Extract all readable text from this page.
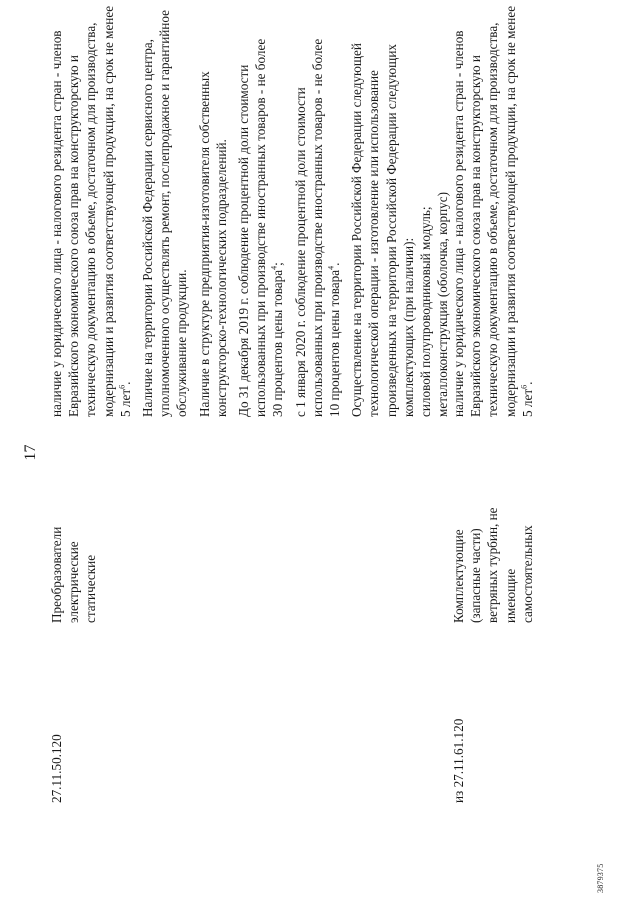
17
27.11.50.120
Преобразователи электрические статические
наличие у юридического лица - налогового резидента стран - членов Евразийского экономического союза прав на конструкторскую и техническую документацию в объеме, достаточном для производства, модернизации и развития соответствующей продукции, на срок не менее 5 лет$^6$. Наличие на территории Российской Федерации сервисного центра, уполномоченного осуществлять ремонт, послепродажное и гарантийное обслуживание продукции. Наличие в структуре предприятия-изготовителя собственных конструкторско-технологических подразделений. До 31 декабря 2019 г. соблюдение процентной доли стоимости использованных при производстве иностранных товаров - не более 30 процентов цены товара$^4$; с 1 января 2020 г. соблюдение процентной доли стоимости использованных при производстве иностранных товаров - не более 10 процентов цены товара$^4$. Осуществление на территории Российской Федерации следующей технологической операции - изготовление или использование произведенных на территории Российской Федерации следующих комплектующих (при наличии): силовой полупроводниковый модуль; металлоконструкция (оболочка, корпус)
из 27.11.61.120
Комплектующие (запасные части) ветряных турбин, не имеющие самостоятельных
наличие у юридического лица - налогового резидента стран - членов Евразийского экономического союза прав на конструкторскую и техническую документацию в объеме, достаточном для производства, модернизации и развития соответствующей продукции, на срок не менее 5 лет$^6$.
3879375
